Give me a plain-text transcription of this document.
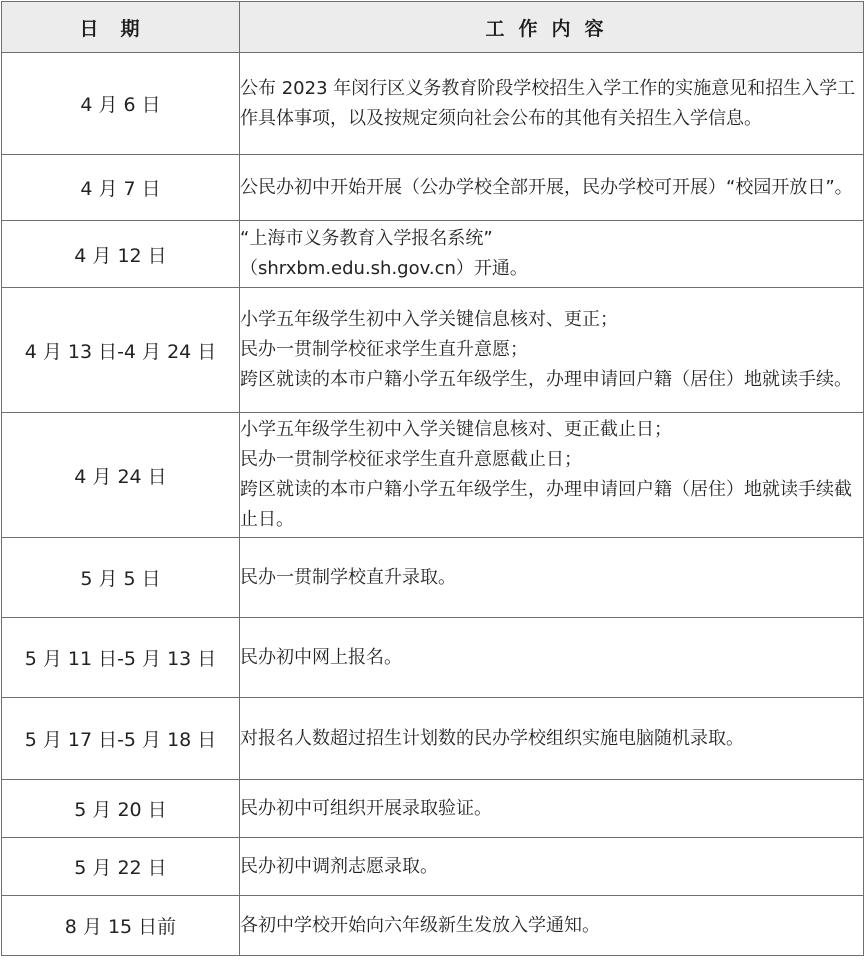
日期	工作内容
4 月 6 日	公布 2023 年闵行区义务教育阶段学校招生入学工作的实施意见和招生入学工作具体事项，以及按规定须向社会公布的其他有关招生入学信息。

4 月 7 日	公民办初中开始开展（公办学校全部开展，民办学校可开展）“校园开放日”。

4 月 12 日	“上海市义务教育入学报名系统”
（shrxbm.edu.sh.gov.cn）开通。

4 月 13 日-4 月 24 日	小学五年级学生初中入学关键信息核对、更正；
民办一贯制学校征求学生直升意愿；
跨区就读的本市户籍小学五年级学生，办理申请回户籍（居住）地就读手续。

4 月 24 日	小学五年级学生初中入学关键信息核对、更正截止日；
民办一贯制学校征求学生直升意愿截止日；
跨区就读的本市户籍小学五年级学生，办理申请回户籍（居住）地就读手续截止日。

5 月 5 日	民办一贯制学校直升录取。

5 月 11 日-5 月 13 日	民办初中网上报名。

5 月 17 日-5 月 18 日	对报名人数超过招生计划数的民办学校组织实施电脑随机录取。

5 月 20 日	民办初中可组织开展录取验证。

5 月 22 日	民办初中调剂志愿录取。

8 月 15 日前	各初中学校开始向六年级新生发放入学通知。
